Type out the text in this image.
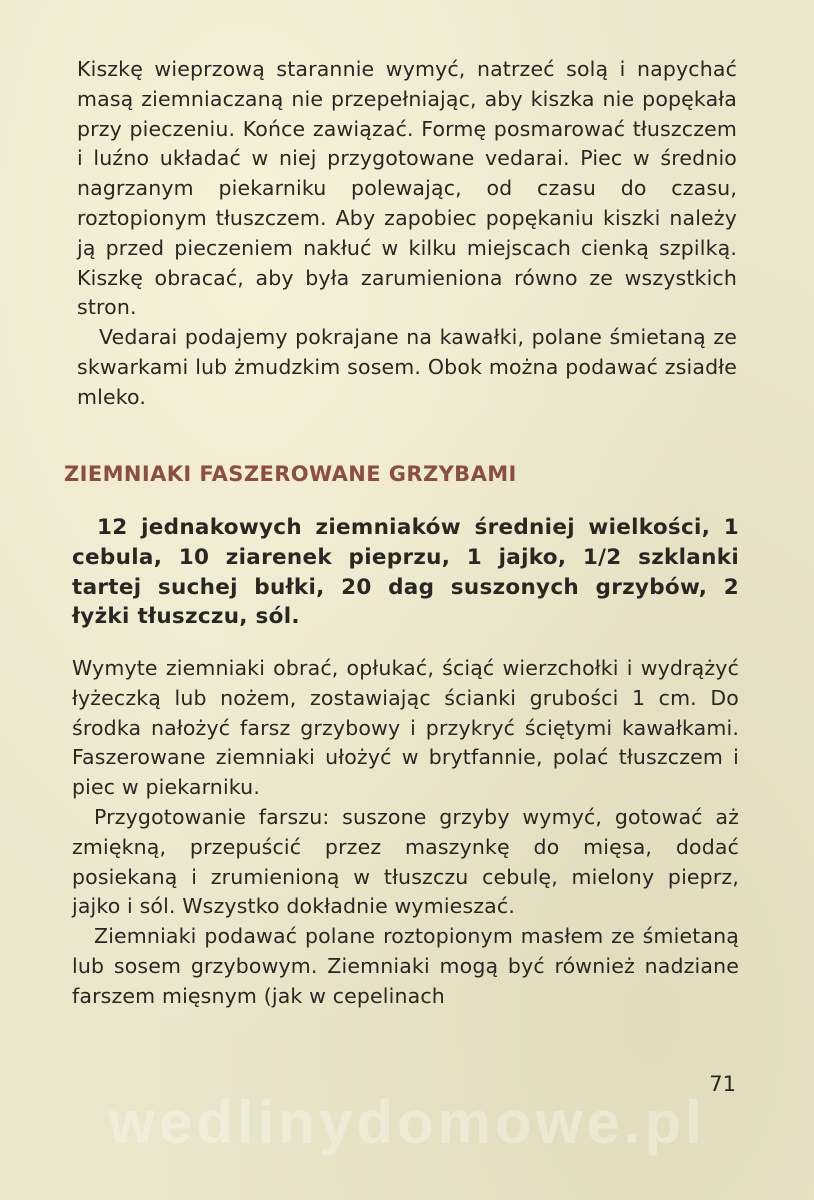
Kiszkę wieprzową starannie wymyć, natrzeć solą i napychać masą ziemniaczaną nie przepełniając, aby kiszka nie popękała przy pieczeniu. Końce zawiązać. Formę posmarować tłuszczem i luźno układać w niej przygotowane vedarai. Piec w średnio nagrzanym piekarniku polewając, od czasu do czasu, roztopionym tłuszczem. Aby zapobiec popękaniu kiszki należy ją przed pieczeniem nakłuć w kilku miejscach cienką szpilką. Kiszkę obracać, aby była zarumieniona równo ze wszystkich stron.

Vedarai podajemy pokrajane na kawałki, polane śmietaną ze skwarkami lub żmudzkim sosem. Obok można podawać zsiadłe mleko.

ZIEMNIAKI FASZEROWANE GRZYBAMI

12 jednakowych ziemniaków średniej wielkości, 1 cebula, 10 ziarenek pieprzu, 1 jajko, 1/2 szklanki tartej suchej bułki, 20 dag suszonych grzybów, 2 łyżki tłuszczu, sól.

Wymyte ziemniaki obrać, opłukać, ściąć wierzchołki i wydrążyć łyżeczką lub nożem, zostawiając ścianki grubości 1 cm. Do środka nałożyć farsz grzybowy i przykryć ściętymi kawałkami. Faszerowane ziemniaki ułożyć w brytfannie, polać tłuszczem i piec w piekarniku.

Przygotowanie farszu: suszone grzyby wymyć, gotować aż zmiękną, przepuścić przez maszynkę do mięsa, dodać posiekaną i zrumienioną w tłuszczu cebulę, mielony pieprz, jajko i sól. Wszystko dokładnie wymieszać.

Ziemniaki podawać polane roztopionym masłem ze śmietaną lub sosem grzybowym. Ziemniaki mogą być również nadziane farszem mięsnym (jak w cepelinach

71
wedlinydomowe.pl
